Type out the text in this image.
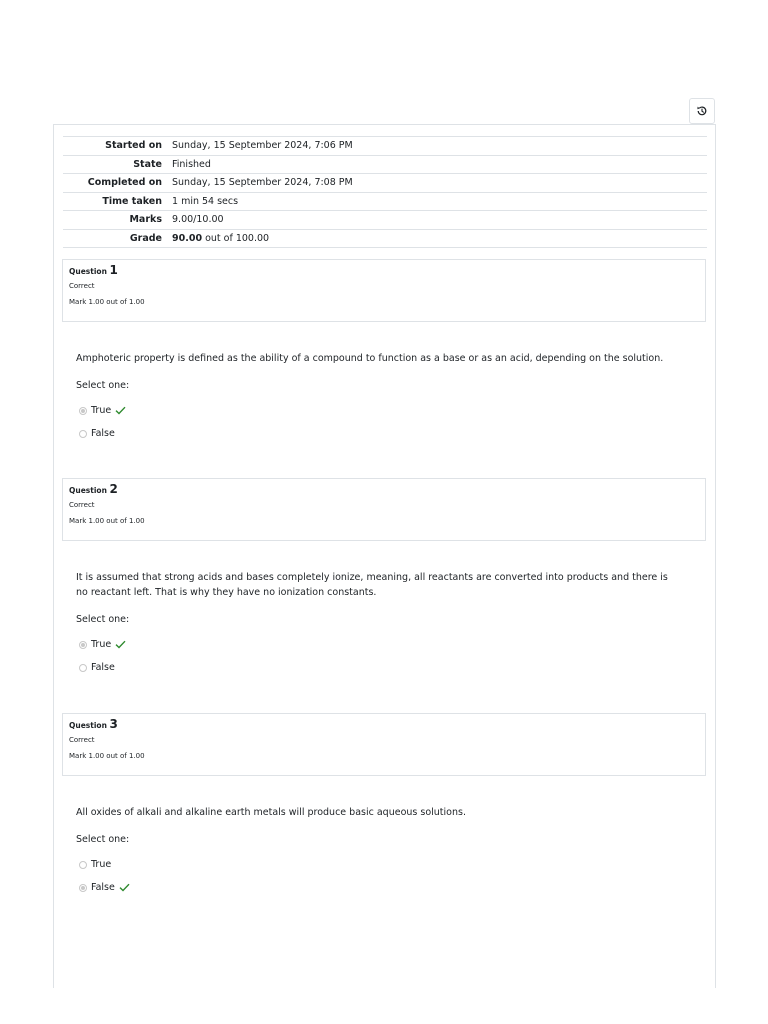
Started on	Sunday, 15 September 2024, 7:06 PM
State	Finished
Completed on	Sunday, 15 September 2024, 7:08 PM
Time taken	1 min 54 secs
Marks	9.00/10.00
Grade	90.00 out of 100.00
Question 1
Correct
Mark 1.00 out of 1.00
Amphoteric property is defined as the ability of a compound to function as a base or as an acid, depending on the solution.
Select one:
True
False
Question 2
Correct
Mark 1.00 out of 1.00
It is assumed that strong acids and bases completely ionize, meaning, all reactants are converted into products and there is no reactant left. That is why they have no ionization constants.
Select one:
True
False
Question 3
Correct
Mark 1.00 out of 1.00
All oxides of alkali and alkaline earth metals will produce basic aqueous solutions.
Select one:
True
False
